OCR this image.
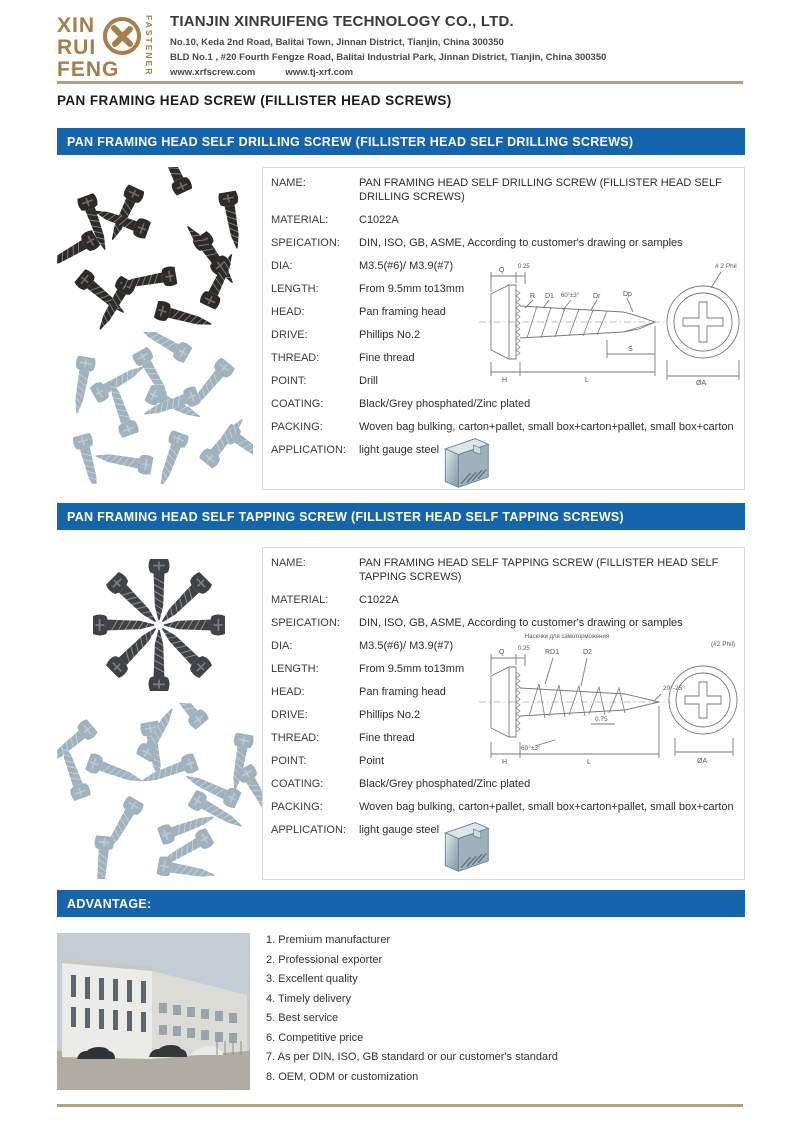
XIN
RUI
FENG	FASTENER TIANJIN XINRUIFENG TECHNOLOGY CO., LTD.
No.10, Keda 2nd Road, Balitai Town, Jinnan District, Tianjin, China 300350
BLD No.1 , #20 Fourth Fengze Road, Balitai Industrial Park, Jinnan District, Tianjin, China 300350
www.xrfscrew.com	www.tj-xrf.com
PAN FRAMING HEAD SCREW (FILLISTER HEAD SCREWS)
PAN FRAMING HEAD SELF DRILLING SCREW (FILLISTER HEAD SELF DRILLING SCREWS)
NAME:	PAN FRAMING HEAD SELF DRILLING SCREW (FILLISTER HEAD SELF DRILLING SCREWS)
MATERIAL:	C1022A
SPEICATION:	DIN, ISO, GB, ASME, According to customer's drawing or samples
DIA:	M3.5(#6)/ M3.9(#7)
LENGTH:	From 9.5mm to13mm
HEAD:	Pan framing head
DRIVE:	Phillips No.2
THREAD:	Fine thread
POINT:	Drill
COATING:	Black/Grey phosphated/Zinc plated
PACKING:	Woven bag bulking, carton+pallet, small box+carton+pallet, small box+carton
APPLICATION:	light gauge steel
Q 0.25
R D1 60°±3° Dr	Dp
H	L
S
# 2 Phil
ØA
PAN FRAMING HEAD SELF TAPPING SCREW (FILLISTER HEAD SELF TAPPING SCREWS)
NAME:	PAN FRAMING HEAD SELF TAPPING SCREW (FILLISTER HEAD SELF TAPPING SCREWS)
MATERIAL:	C1022A
SPEICATION:	DIN, ISO, GB, ASME, According to customer's drawing or samples
DIA:	M3.5(#6)/ M3.9(#7)
LENGTH:	From 9.5mm to13mm
HEAD:	Pan framing head
DRIVE:	Phillips No.2
THREAD:	Fine thread
POINT:	Point
COATING:	Black/Grey phosphated/Zinc plated
PACKING:	Woven bag bulking, carton+pallet, small box+carton+pallet, small box+carton
APPLICATION:	light gauge steel
Насечки для самоторможения
Q 0.25 RD1	D2
20°-25°
0.75
60°±3°
H	L
(#2 Phil)
ØA
ADVANTAGE:
1. Premium manufacturer
2. Professional exporter
3. Excellent quality
4. Timely delivery
5. Best service
6. Competitive price
7. As per DIN, ISO, GB standard or our customer's standard
8. OEM, ODM or customization
